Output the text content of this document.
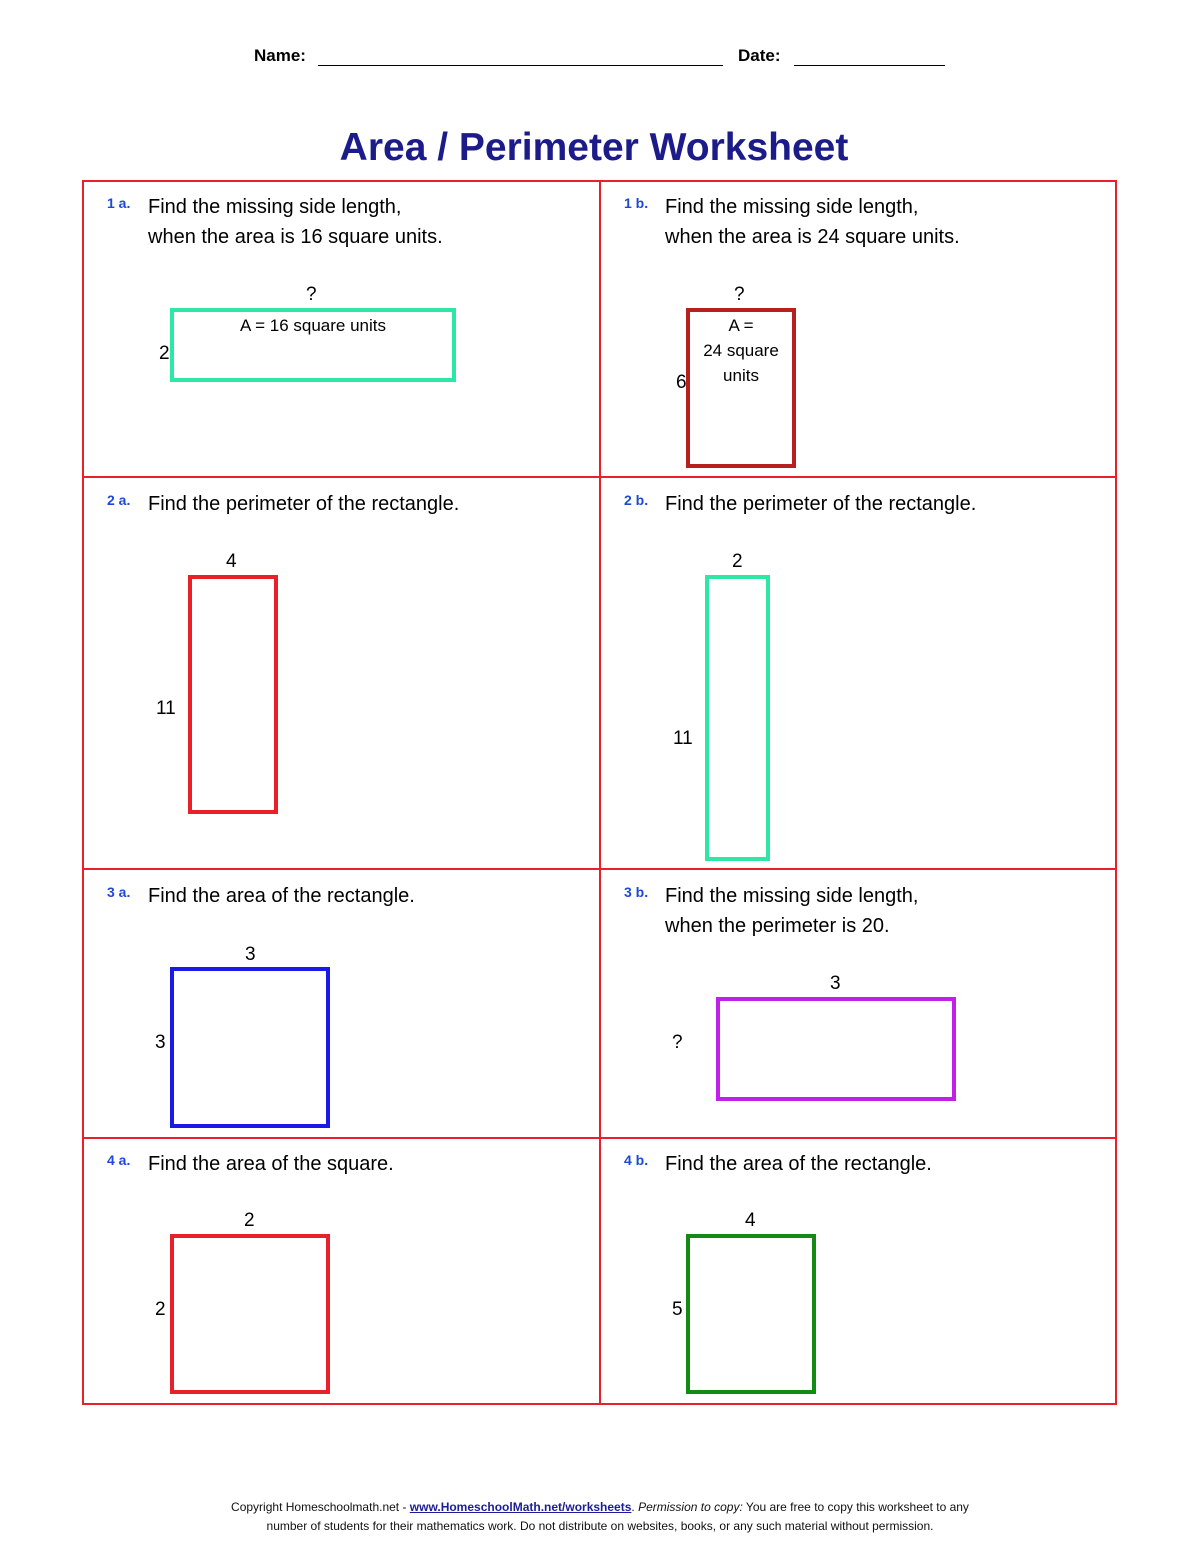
Name:	Date:
Area / Perimeter Worksheet
1 a. Find the missing side length,
when the area is 16 square units.
?
2
A = 16 square units
1 b. Find the missing side length,
when the area is 24 square units.
?
6
A =
24 square
units
2 a. Find the perimeter of the rectangle.
4
11
2 b. Find the perimeter of the rectangle.
2
11
3 a. Find the area of the rectangle.
3
3
3 b. Find the missing side length,
when the perimeter is 20.
3
?
4 a. Find the area of the square.
2
2
4 b. Find the area of the rectangle.
4
5
Copyright Homeschoolmath.net - www.HomeschoolMath.net/worksheets. Permission to copy: You are free to copy this worksheet to any
number of students for their mathematics work. Do not distribute on websites, books, or any such material without permission.
